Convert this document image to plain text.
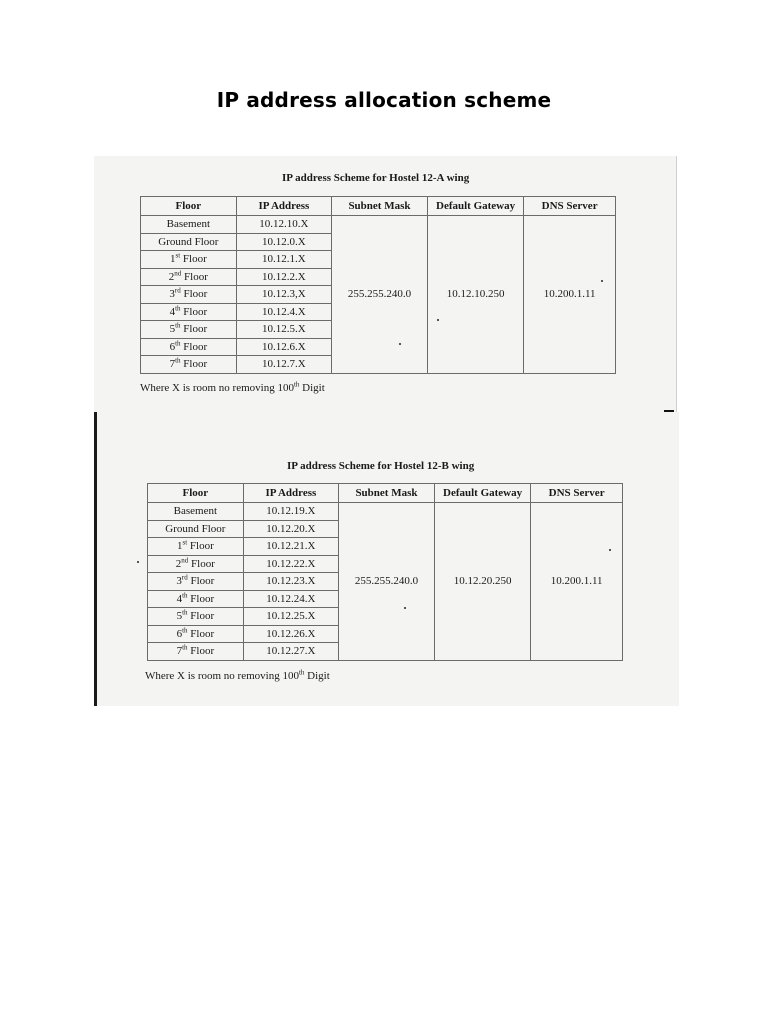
IP address allocation scheme
IP address Scheme for Hostel 12-A wing
Floor	IP Address	Subnet Mask	Default Gateway	DNS Server
Basement	10.12.10.X	255.255.240.0	10.12.10.250	10.200.1.11
Ground Floor	10.12.0.X			
1st Floor	10.12.1.X			
2nd Floor	10.12.2.X			
3rd Floor	10.12.3,X			
4th Floor	10.12.4.X			
5th Floor	10.12.5.X			
6th Floor	10.12.6.X			
7th Floor	10.12.7.X			
Where X is room no removing 100th Digit
IP address Scheme for Hostel 12-B wing
Floor	IP Address	Subnet Mask	Default Gateway	DNS Server
Basement	10.12.19.X	255.255.240.0	10.12.20.250	10.200.1.11
Ground Floor	10.12.20.X			
1st Floor	10.12.21.X			
2nd Floor	10.12.22.X			
3rd Floor	10.12.23.X			
4th Floor	10.12.24.X			
5th Floor	10.12.25.X			
6th Floor	10.12.26.X			
7th Floor	10.12.27.X			
Where X is room no removing 100th Digit
